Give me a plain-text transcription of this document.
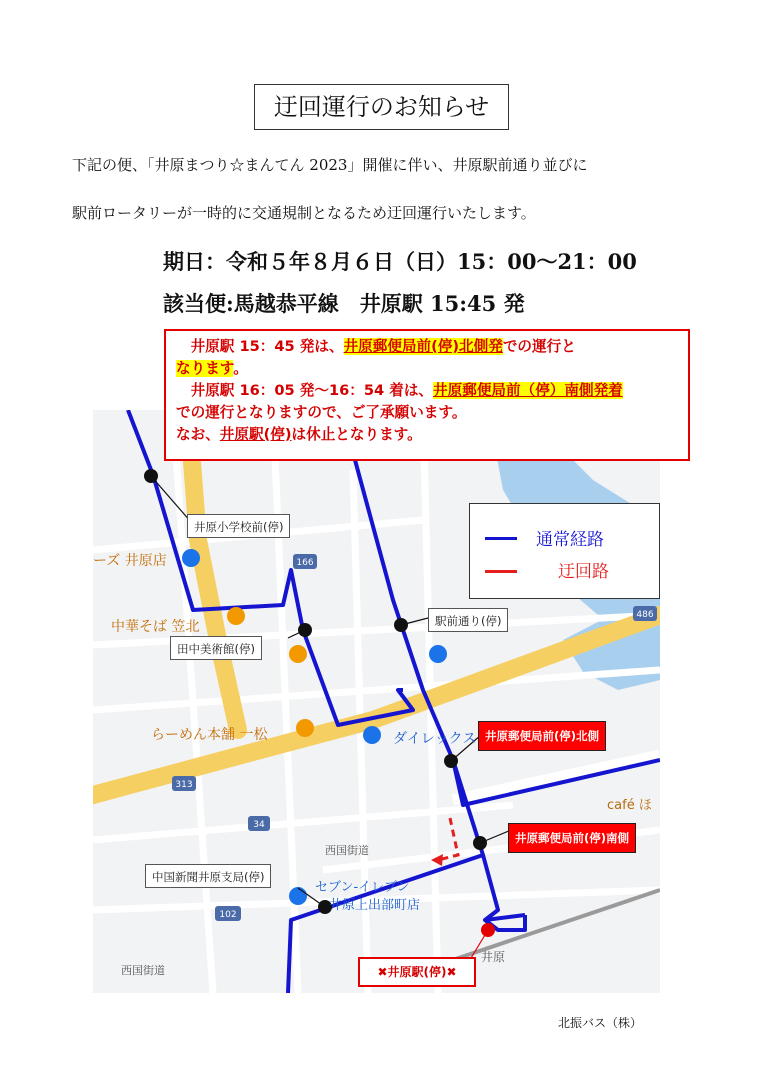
迂回運行のお知らせ
下記の便、「井原まつり☆まんてん 2023」開催に伴い、井原駅前通り並びに
駅前ロータリーが一時的に交通規制となるため迂回運行いたします。
期日：令和５年８月６日（日）15：00〜21：00
該当便:馬越恭平線　井原駅 15:45 発

　井原駅 15：45 発は、井原郵便局前(停)北側発での運行と

なります。

　井原駅 16：05 発〜16：54 着は、井原郵便局前（停）南側発着

での運行となりますので、ご了承願います。

なお、井原駅(停)は休止となります。

166
313
34
102
486
ーズ 井原店
中華そば 笠北
らーめん本舗 一松	ダイレックス
セブン-イレブン
井原上出部町店
café ほ
西国街道
西国街道
井原
井原小学校前(停)
田中美術館(停)
駅前通り(停)
井原郵便局前(停)北側
井原郵便局前(停)南側
中国新聞井原支局(停)
✖井原駅(停)✖
通常経路
迂回路
北振バス（株）
